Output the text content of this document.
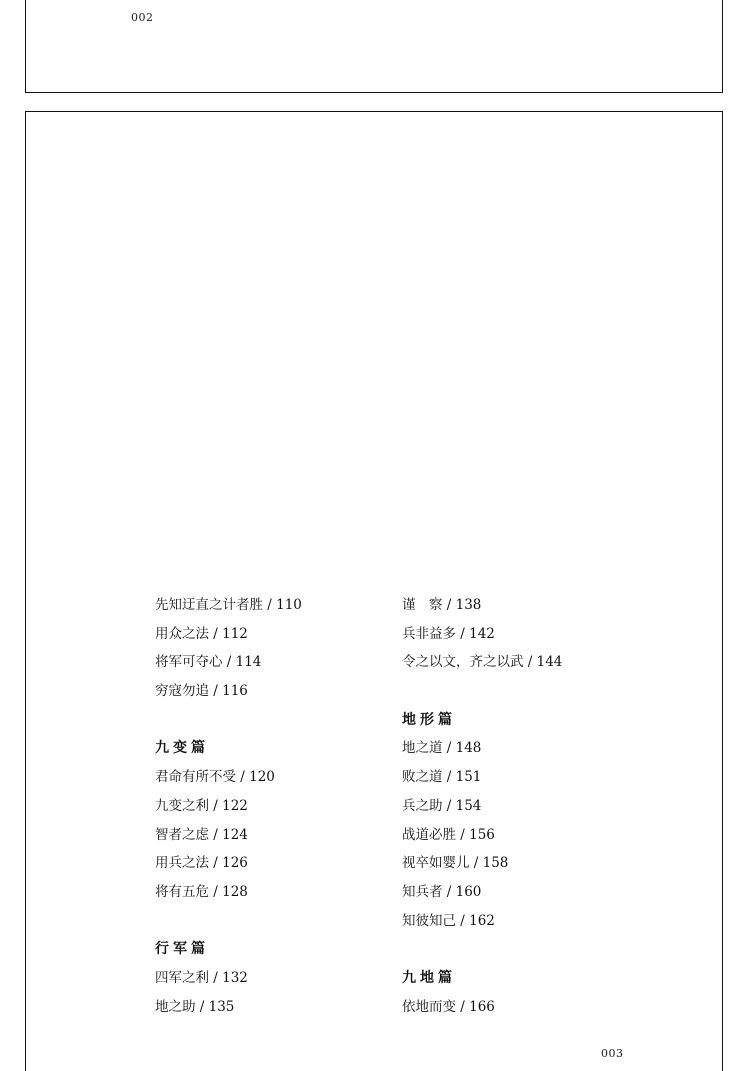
002
先知迂直之计者胜 / 110
用众之法 / 112
将军可夺心 / 114
穷寇勿追 / 116
九变篇
君命有所不受 / 120
九变之利 / 122
智者之虑 / 124
用兵之法 / 126
将有五危 / 128
行军篇
四军之利 / 132
地之助 / 135
谨　察 / 138
兵非益多 / 142
令之以文，齐之以武 / 144
地形篇
地之道 / 148
败之道 / 151
兵之助 / 154
战道必胜 / 156
视卒如婴儿 / 158
知兵者 / 160
知彼知己 / 162
九地篇
依地而变 / 166
003
